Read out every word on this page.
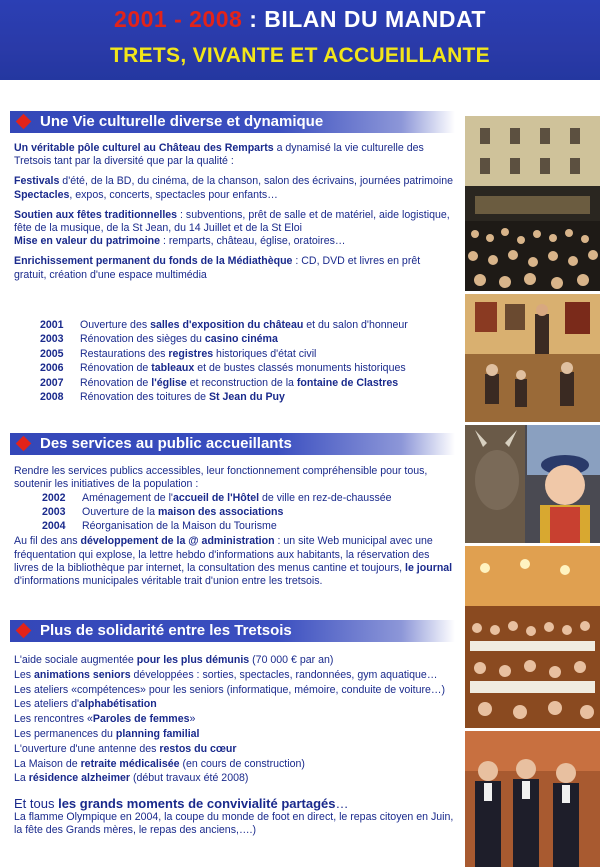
2001 - 2008 : BILAN DU MANDAT
TRETS, VIVANTE ET ACCUEILLANTE
Une Vie culturelle diverse et dynamique
Un véritable pôle culturel au Château des Remparts a dynamisé la vie culturelle des Tretsois tant par la diversité que par la qualité :
Festivals d'été, de la BD, du cinéma, de la chanson, salon des écrivains, journées patrimoine
Spectacles, expos, concerts, spectacles pour enfants…
Soutien aux fêtes traditionnelles : subventions, prêt de salle et de matériel, aide logistique, fête de la musique, de la St Jean, du 14 Juillet et de la St Eloi
Mise en valeur du patrimoine : remparts, château, église, oratoires…
Enrichissement permanent du fonds de la Médiathèque : CD, DVD et livres en prêt gratuit, création d'une espace multimédia
2001 Ouverture des salles d'exposition du château et du salon d'honneur
2003 Rénovation des sièges du casino cinéma
2005 Restaurations des registres historiques d'état civil
2006 Rénovation de tableaux et de bustes classés monuments historiques
2007 Rénovation de l'église et reconstruction de la fontaine de Clastres
2008 Rénovation des toitures de St Jean du Puy
Des services au public accueillants
Rendre les services publics accessibles, leur fonctionnement compréhensible pour tous, soutenir les initiatives de la population :
2002 Aménagement de l'accueil de l'Hôtel de ville en rez-de-chaussée
2003 Ouverture de la maison des associations
2004 Réorganisation de la Maison du Tourisme
Au fil des ans développement de la @ administration : un site Web municipal avec une fréquentation qui explose, la lettre hebdo d'informations aux habitants, la réservation des livres de la bibliothèque par internet, la consultation des menus cantine et toujours, le journal d'informations municipales véritable trait d'union entre les tretsois.
Plus de solidarité entre les Tretsois
L'aide sociale augmentée pour les plus démunis (70 000 € par an)
Les animations seniors développées : sorties, spectacles, randonnées, gym aquatique…
Les ateliers «compétences» pour les seniors (informatique, mémoire, conduite de voiture…)
Les ateliers d'alphabétisation
Les rencontres «Paroles de femmes»
Les permanences du planning familial
L'ouverture d'une antenne des restos du cœur
La Maison de retraite médicalisée (en cours de construction)
La résidence alzheimer (début travaux été 2008)
Et tous les grands moments de convivialité partagés…
La flamme Olympique en 2004, la coupe du monde de foot en direct, le repas citoyen en Juin, la fête des Grands mères, le repas des anciens,….)
